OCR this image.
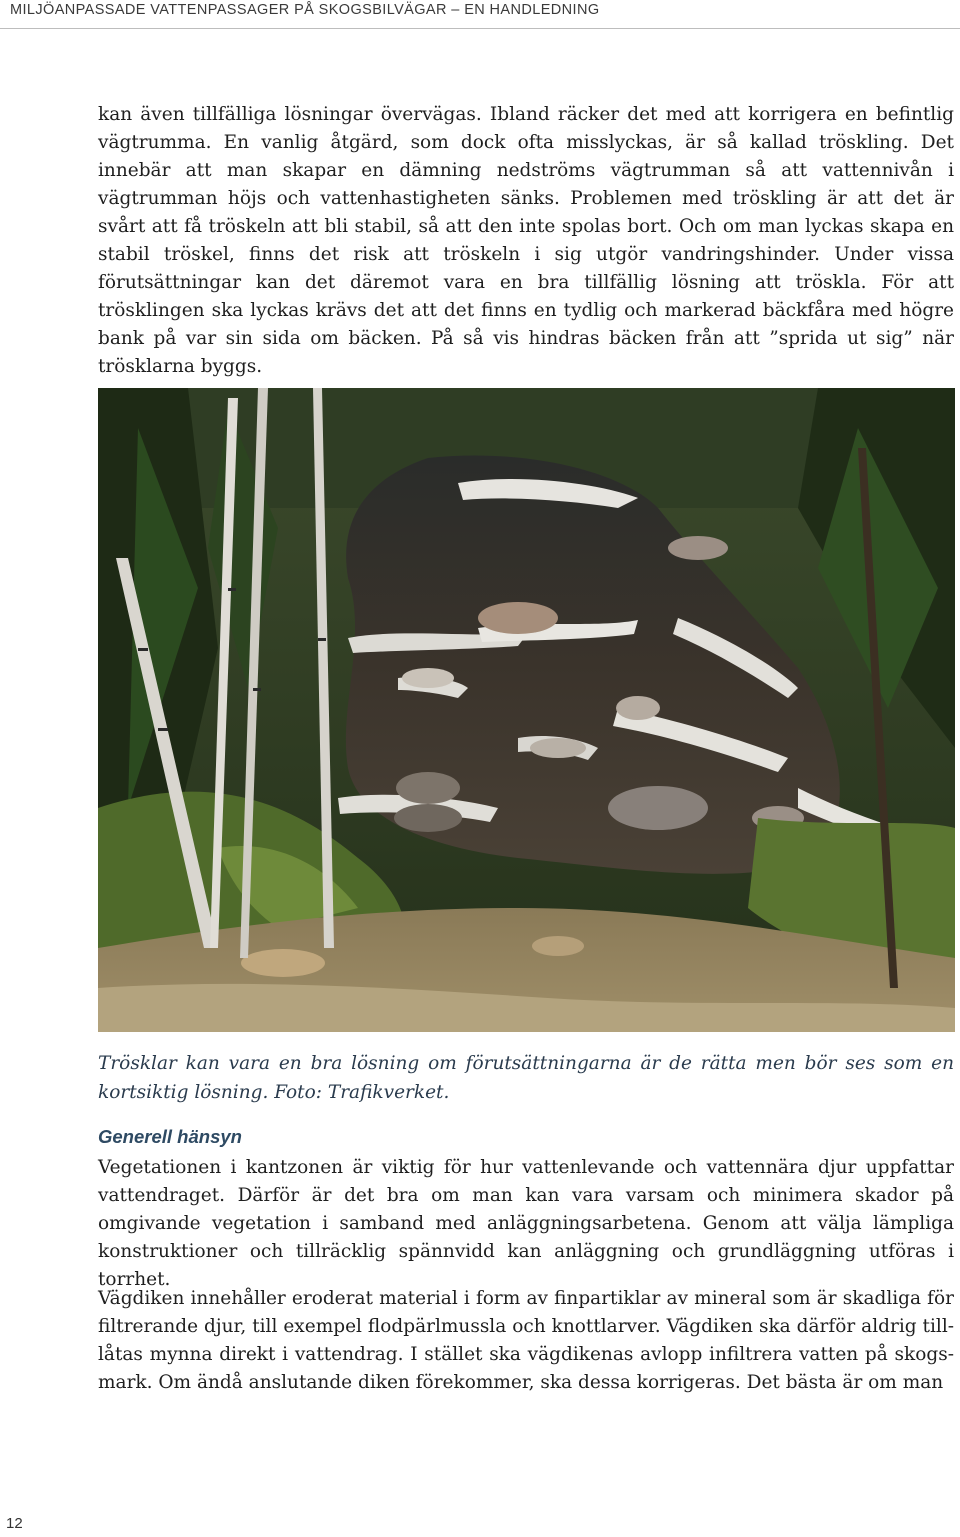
MILJÖANPASSADE VATTENPASSAGER PÅ SKOGSBILVÄGAR – EN HANDLEDNING

kan även tillfälliga lösningar övervägas. Ibland räcker det med att korrigera en befintlig vägtrumma. En vanlig åtgärd, som dock ofta misslyckas, är så kallad tröskling. Det innebär att man skapar en dämning nedströms vägtrumman så att vattennivån i vägtrumman höjs och vattenhastigheten sänks. Problemen med tröskling är att det är svårt att få tröskeln att bli stabil, så att den inte spolas bort. Och om man lyckas skapa en stabil tröskel, finns det risk att tröskeln i sig utgör vandringshinder. Under vissa förutsättningar kan det däremot vara en bra tillfällig lösning att tröskla. För att trösklingen ska lyckas krävs det att det finns en tydlig och markerad bäckfåra med högre bank på var sin sida om bäcken. På så vis hindras bäcken från att ”sprida ut sig” när trösklarna byggs.

Trösklar kan vara en bra lösning om förutsättningarna är de rätta men bör ses som en kortsiktig lösning. Foto: Trafikverket.

Generell hänsyn

Vegetationen i kantzonen är viktig för hur vattenlevande och vattennära djur uppfattar vattendraget. Därför är det bra om man kan vara varsam och minimera skador på omgivande vegetation i samband med anläggningsarbetena. Genom att välja lämpliga konstruktioner och tillräcklig spännvidd kan anläggning och grundläggning utföras i torrhet.

Vägdiken innehåller eroderat material i form av finpartiklar av mineral som är skadliga för filtrerande djur, till exempel flodpärlmussla och knottlarver. Vägdiken ska därför aldrig tilllåtas mynna direkt i vattendrag. I stället ska vägdikenas avlopp infiltrera vatten på skogsmark. Om ändå anslutande diken förekommer, ska dessa korrigeras. Det bästa är om man

12
